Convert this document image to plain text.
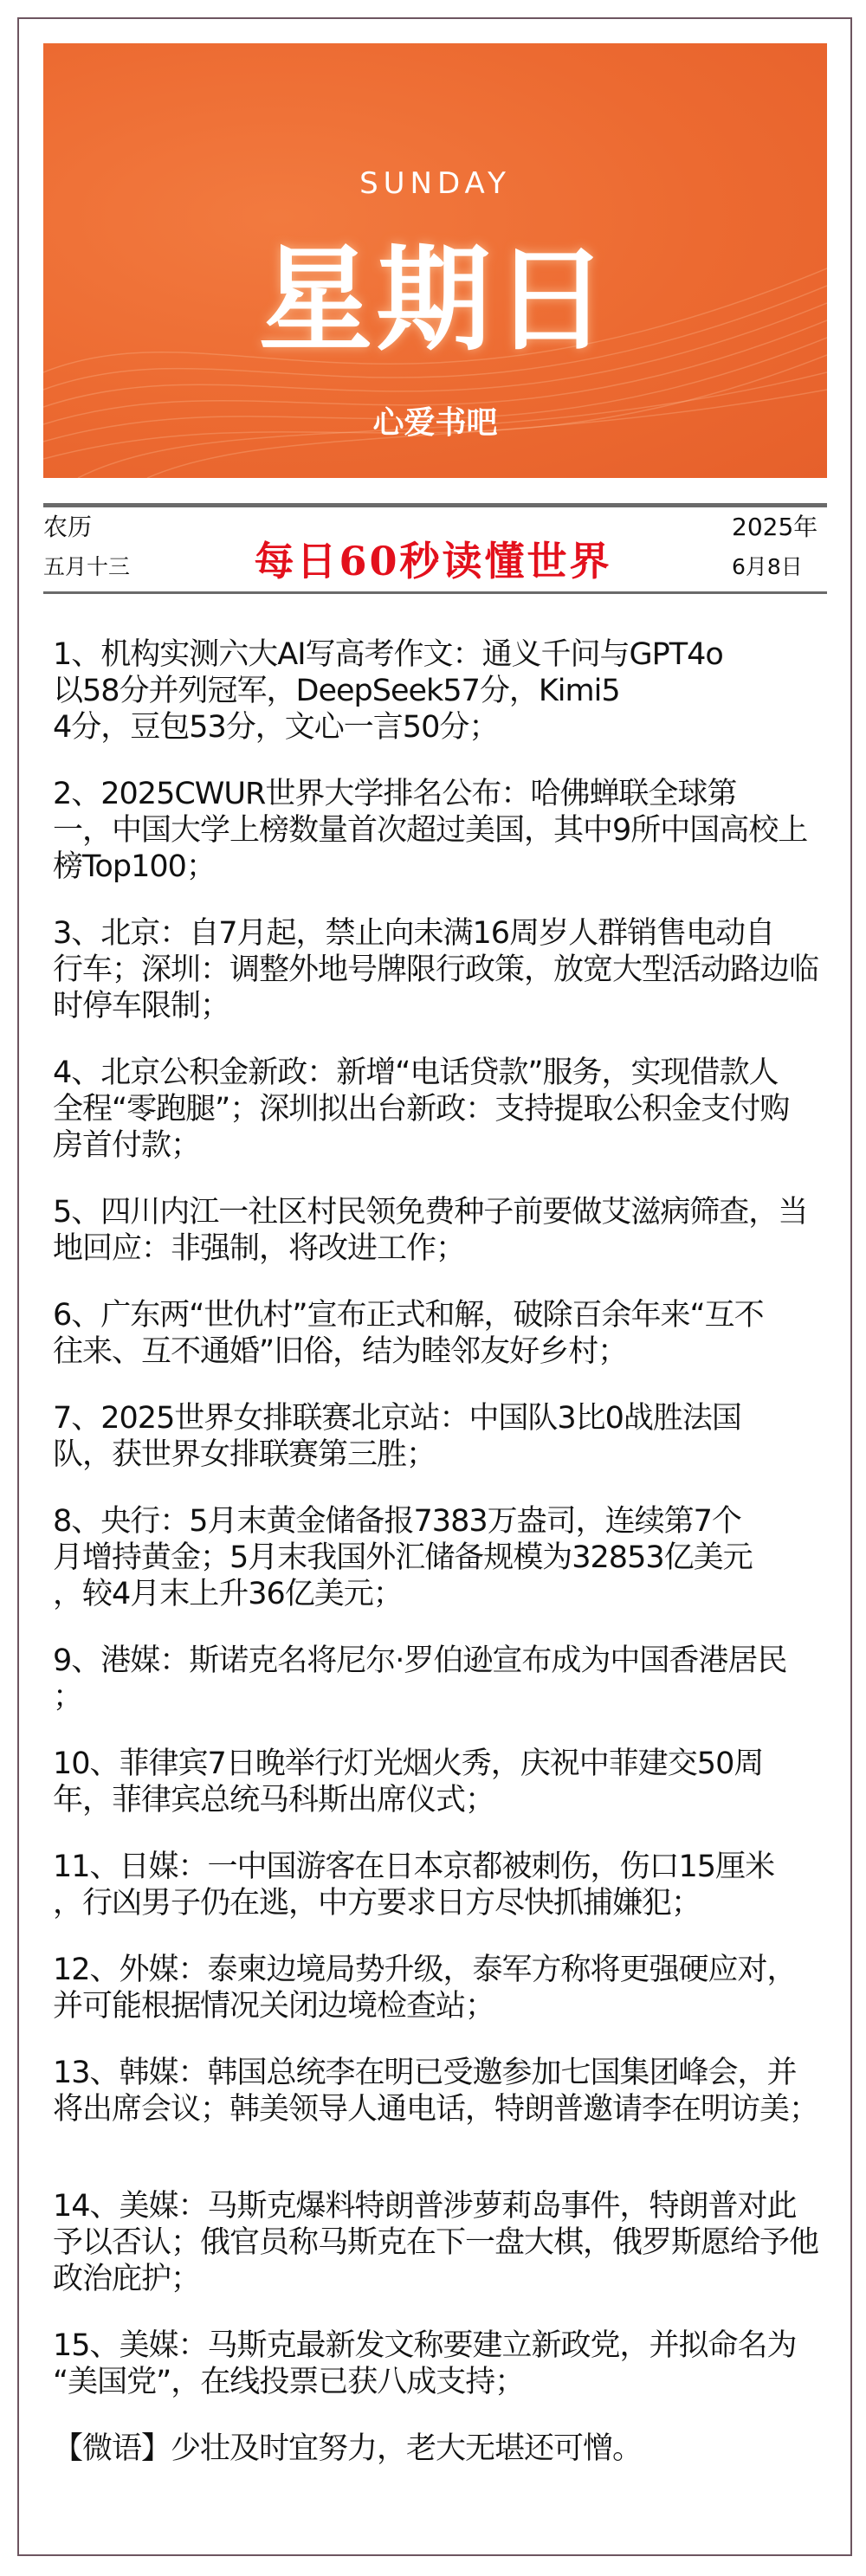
SUNDAY
星期日
心爱书吧
农历
五月十三	每日60秒读懂世界
2025年
6月8日
1、机构实测六大AI写高考作文：通义千问与GPT4o
以58分并列冠军，DeepSeek57分，Kimi5
4分，豆包53分，文心一言50分；
2、2025CWUR世界大学排名公布：哈佛蝉联全球第
一，中国大学上榜数量首次超过美国，其中9所中国高校上
榜Top100；
3、北京：自7月起，禁止向未满16周岁人群销售电动自
行车；深圳：调整外地号牌限行政策，放宽大型活动路边临
时停车限制；
4、北京公积金新政：新增“电话贷款”服务，实现借款人
全程“零跑腿”；深圳拟出台新政：支持提取公积金支付购
房首付款；
5、四川内江一社区村民领免费种子前要做艾滋病筛查，当
地回应：非强制，将改进工作；
6、广东两“世仇村”宣布正式和解，破除百余年来“互不
往来、互不通婚”旧俗，结为睦邻友好乡村；
7、2025世界女排联赛北京站：中国队3比0战胜法国
队，获世界女排联赛第三胜；
8、央行：5月末黄金储备报7383万盎司，连续第7个
月增持黄金；5月末我国外汇储备规模为32853亿美元
，较4月末上升36亿美元；
9、港媒：斯诺克名将尼尔·罗伯逊宣布成为中国香港居民
；
10、菲律宾7日晚举行灯光烟火秀，庆祝中菲建交50周
年，菲律宾总统马科斯出席仪式；
11、日媒：一中国游客在日本京都被刺伤，伤口15厘米
，行凶男子仍在逃，中方要求日方尽快抓捕嫌犯；
12、外媒：泰柬边境局势升级，泰军方称将更强硬应对，
并可能根据情况关闭边境检查站；
13、韩媒：韩国总统李在明已受邀参加七国集团峰会，并
将出席会议；韩美领导人通电话，特朗普邀请李在明访美；
14、美媒：马斯克爆料特朗普涉萝莉岛事件，特朗普对此
予以否认；俄官员称马斯克在下一盘大棋，俄罗斯愿给予他
政治庇护；
15、美媒：马斯克最新发文称要建立新政党，并拟命名为
“美国党”，在线投票已获八成支持；
【微语】少壮及时宜努力，老大无堪还可憎。
